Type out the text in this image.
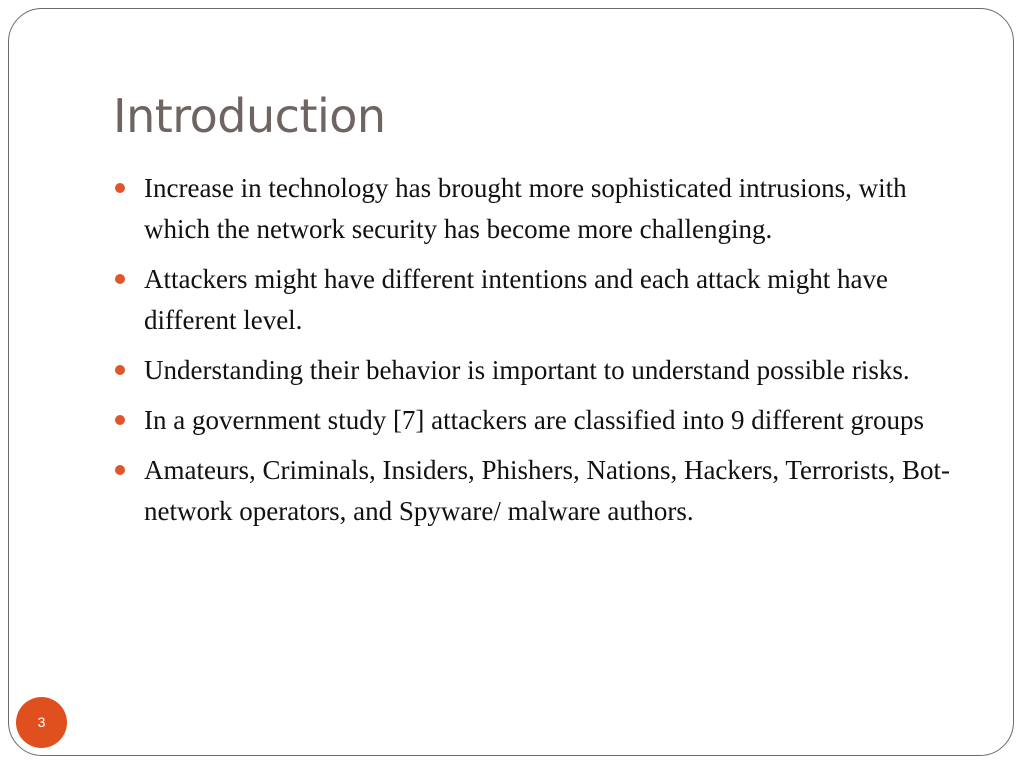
Introduction
Increase in technology has brought more sophisticated intrusions, with which the network security has become more challenging.
Attackers might have different intentions and each attack might have different level.
Understanding their behavior is important to understand possible risks.
In a government study [7] attackers are classified into 9 different groups
Amateurs, Criminals, Insiders, Phishers, Nations, Hackers, Terrorists, Bot-network operators, and Spyware/ malware authors.
3
